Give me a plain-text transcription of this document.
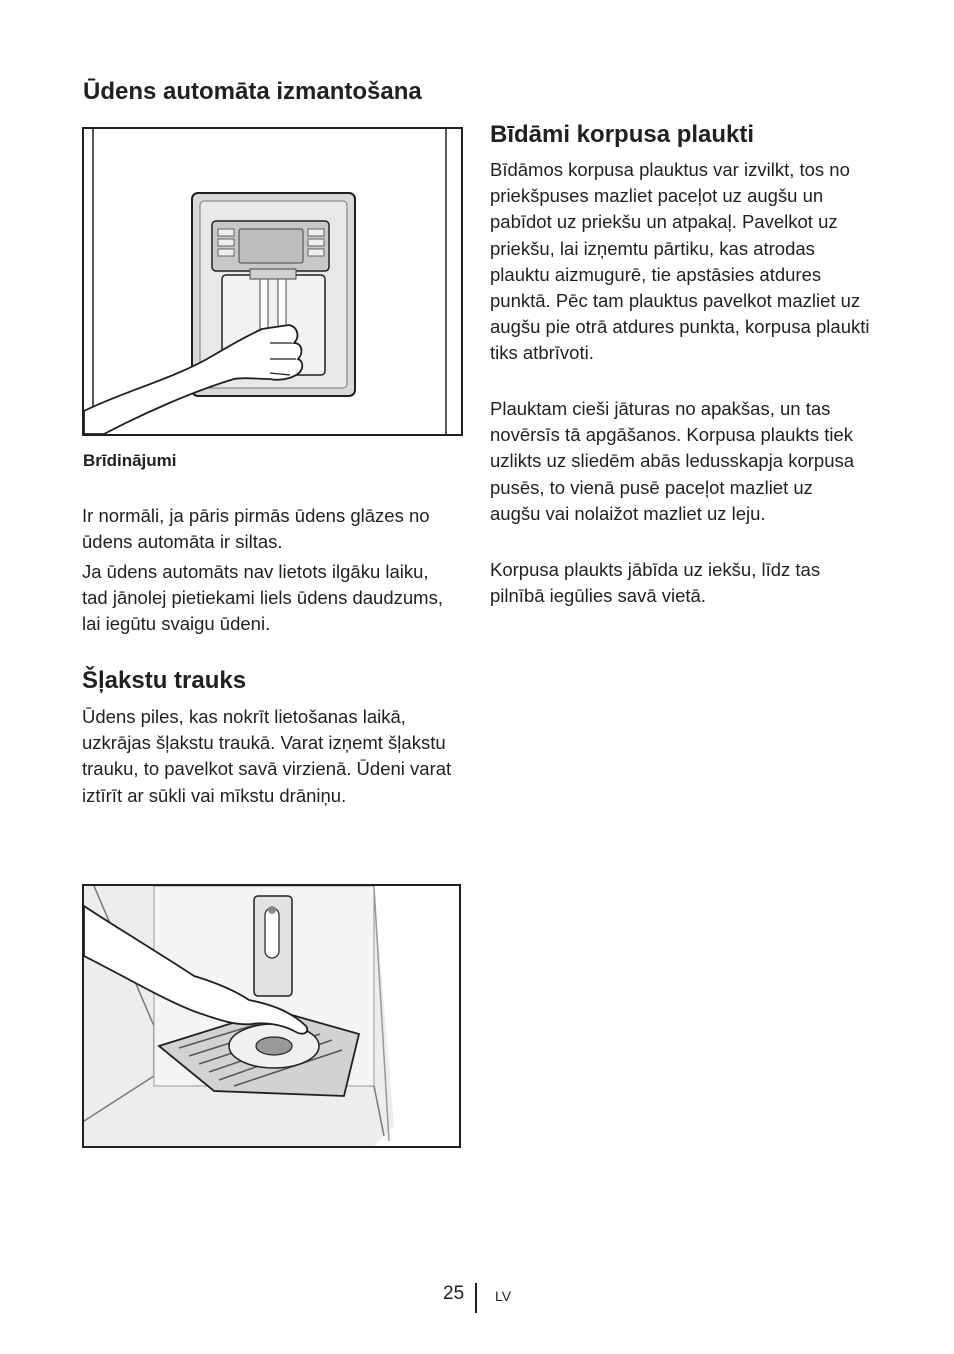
Ūdens automāta izmantošana
Brīdinājumi

Ir normāli, ja pāris pirmās ūdens glāzes no ūdens automāta ir siltas.

Ja ūdens automāts nav lietots ilgāku laiku, tad jānolej pietiekami liels ūdens daudzums, lai iegūtu svaigu ūdeni.

Šļakstu trauks

Ūdens piles, kas nokrīt lietošanas laikā, uzkrājas šļakstu traukā. Varat izņemt šļakstu trauku, to pavelkot savā virzienā. Ūdeni varat iztīrīt ar sūkli vai mīkstu drāniņu.

Bīdāmi korpusa plaukti

Bīdāmos korpusa plauktus var izvilkt, tos no priekšpuses mazliet paceļot uz augšu un pabīdot uz priekšu un atpakaļ. Pavelkot uz priekšu, lai izņemtu pārtiku, kas atrodas plauktu aizmugurē, tie apstāsies atdures punktā. Pēc tam plauktus pavelkot mazliet uz augšu pie otrā atdures punkta, korpusa plaukti tiks atbrīvoti.

Plauktam cieši jāturas no apakšas, un tas novērsīs tā apgāšanos. Korpusa plaukts tiek uzlikts uz sliedēm abās ledusskapja korpusa pusēs, to vienā pusē paceļot mazliet uz augšu vai nolaižot mazliet uz leju.

Korpusa plaukts jābīda uz iekšu, līdz tas pilnībā iegūlies savā vietā.

25 LV
